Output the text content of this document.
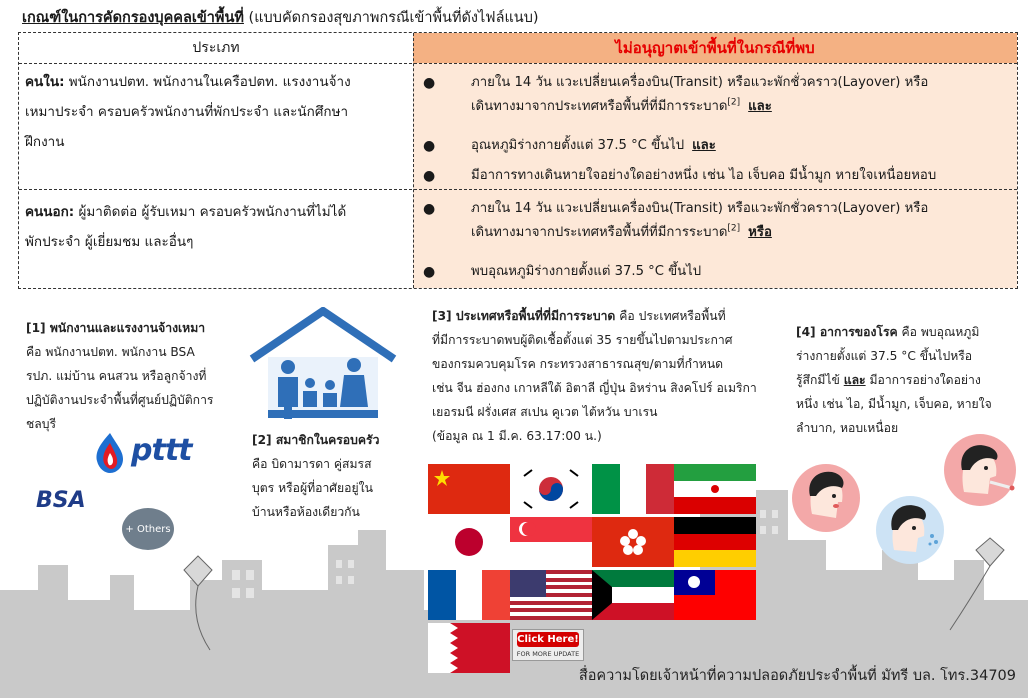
เกณฑ์ในการคัดกรองบุคคลเข้าพื้นที่ (แบบคัดกรองสุขภาพกรณีเข้าพื้นที่ดังไฟล์แนบ)
ประเภท	ไม่อนุญาตเข้าพื้นที่ในกรณีที่พบ
คนใน: พนักงานปตท. พนักงานในเครือปตท. แรงงานจ้าง
เหมาประจำ ครอบครัวพนักงานที่พักประจำ และนักศึกษา
ฝึกงาน
●	ภายใน 14 วัน แวะเปลี่ยนเครื่องบิน(Transit) หรือแวะพักชั่วคราว(Layover) หรือ
เดินทางมาจากประเทศหรือพื้นที่ที่มีการระบาด[2] และ
●	อุณหภูมิร่างกายตั้งแต่ 37.5 °C ขึ้นไป และ
●	มีอาการทางเดินหายใจอย่างใดอย่างหนึ่ง เช่น ไอ เจ็บคอ มีน้ำมูก หายใจเหนื่อยหอบ
คนนอก: ผู้มาติดต่อ ผู้รับเหมา ครอบครัวพนักงานที่ไม่ได้
พักประจำ ผู้เยี่ยมชม และอื่นๆ
●	ภายใน 14 วัน แวะเปลี่ยนเครื่องบิน(Transit) หรือแวะพักชั่วคราว(Layover) หรือ
เดินทางมาจากประเทศหรือพื้นที่ที่มีการระบาด[2] หรือ
●	พบอุณหภูมิร่างกายตั้งแต่ 37.5 °C ขึ้นไป
[1] พนักงานและแรงงานจ้างเหมา
คือ พนักงานปตท. พนักงาน BSA
รปภ. แม่บ้าน คนสวน หรือลูกจ้างที่
ปฏิบัติงานประจำพื้นที่ศูนย์ปฏิบัติการ
ชลบุรี
pttt
BSA
+ Others
[2] สมาชิกในครอบครัว
คือ บิดามารดา คู่สมรส
บุตร หรือผู้ที่อาศัยอยู่ใน
บ้านหรือห้องเดียวกัน
[3] ประเทศหรือพื้นที่ที่มีการระบาด คือ ประเทศหรือพื้นที่
ที่มีการระบาดพบผู้ติดเชื้อตั้งแต่ 35 รายขึ้นไปตามประกาศ
ของกรมควบคุมโรค กระทรวงสาธารณสุข/ตามที่กำหนด
เช่น จีน ฮ่องกง เกาหลีใต้ อิตาลี ญี่ปุ่น อิหร่าน สิงคโปร์ อเมริกา
เยอรมนี ฝรั่งเศส สเปน คูเวต ไต้หวัน บาเรน
(ข้อมูล ณ 1 มี.ค. 63.17:00 น.)
Click Here!
FOR MORE UPDATE
[4] อาการของโรค คือ พบอุณหภูมิ
ร่างกายตั้งแต่ 37.5 °C ขึ้นไปหรือ
รู้สึกมีไข้ และ มีอาการอย่างใดอย่าง
หนึ่ง เช่น ไอ, มีน้ำมูก, เจ็บคอ, หายใจ
ลำบาก, หอบเหนื่อย
สื่อความโดยเจ้าหน้าที่ความปลอดภัยประจำพื้นที่ มัทรี บล. โทร.34709
